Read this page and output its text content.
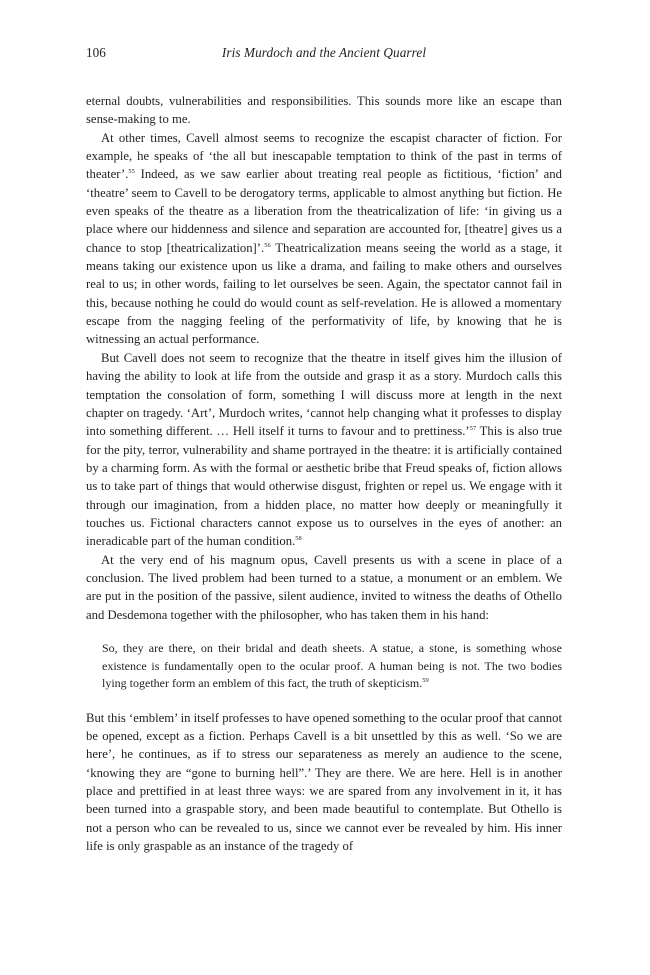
106	Iris Murdoch and the Ancient Quarrel

eternal doubts, vulnerabilities and responsibilities. This sounds more like an escape than sense-making to me.

At other times, Cavell almost seems to recognize the escapist character of fiction. For example, he speaks of ‘the all but inescapable temptation to think of the past in terms of theater’.$^{55}$ Indeed, as we saw earlier about treating real people as fictitious, ‘fiction’ and ‘theatre’ seem to Cavell to be derogatory terms, applicable to almost anything but fiction. He even speaks of the theatre as a liberation from the theatricalization of life: ‘in giving us a place where our hiddenness and silence and separation are accounted for, [theatre] gives us a chance to stop [theatricalization]’.$^{56}$ Theatricalization means seeing the world as a stage, it means taking our existence upon us like a drama, and failing to make others and ourselves real to us; in other words, failing to let ourselves be seen. Again, the spectator cannot fail in this, because nothing he could do would count as self-revelation. He is allowed a momentary escape from the nagging feeling of the performativity of life, by knowing that he is witnessing an actual performance.

But Cavell does not seem to recognize that the theatre in itself gives him the illusion of having the ability to look at life from the outside and grasp it as a story. Murdoch calls this temptation the consolation of form, something I will discuss more at length in the next chapter on tragedy. ‘Art’, Murdoch writes, ‘cannot help changing what it professes to display into something different. … Hell itself it turns to favour and to prettiness.’$^{57}$ This is also true for the pity, terror, vulnerability and shame portrayed in the theatre: it is artificially contained by a charming form. As with the formal or aesthetic bribe that Freud speaks of, fiction allows us to take part of things that would otherwise disgust, frighten or repel us. We engage with it through our imagination, from a hidden place, no matter how deeply or meaningfully it touches us. Fictional characters cannot expose us to ourselves in the eyes of another: an ineradicable part of the human condition.$^{58}$

At the very end of his magnum opus, Cavell presents us with a scene in place of a conclusion. The lived problem had been turned to a statue, a monument or an emblem. We are put in the position of the passive, silent audience, invited to witness the deaths of Othello and Desdemona together with the philosopher, who has taken them in his hand:

So, they are there, on their bridal and death sheets. A statue, a stone, is something whose existence is fundamentally open to the ocular proof. A human being is not. The two bodies lying together form an emblem of this fact, the truth of skepticism.$^{59}$

But this ‘emblem’ in itself professes to have opened something to the ocular proof that cannot be opened, except as a fiction. Perhaps Cavell is a bit unsettled by this as well. ‘So we are here’, he continues, as if to stress our separateness as merely an audience to the scene, ‘knowing they are “gone to burning hell”.’ They are there. We are here. Hell is in another place and prettified in at least three ways: we are spared from any involvement in it, it has been turned into a graspable story, and been made beautiful to contemplate. But Othello is not a person who can be revealed to us, since we cannot ever be revealed by him. His inner life is only graspable as an instance of the tragedy of
